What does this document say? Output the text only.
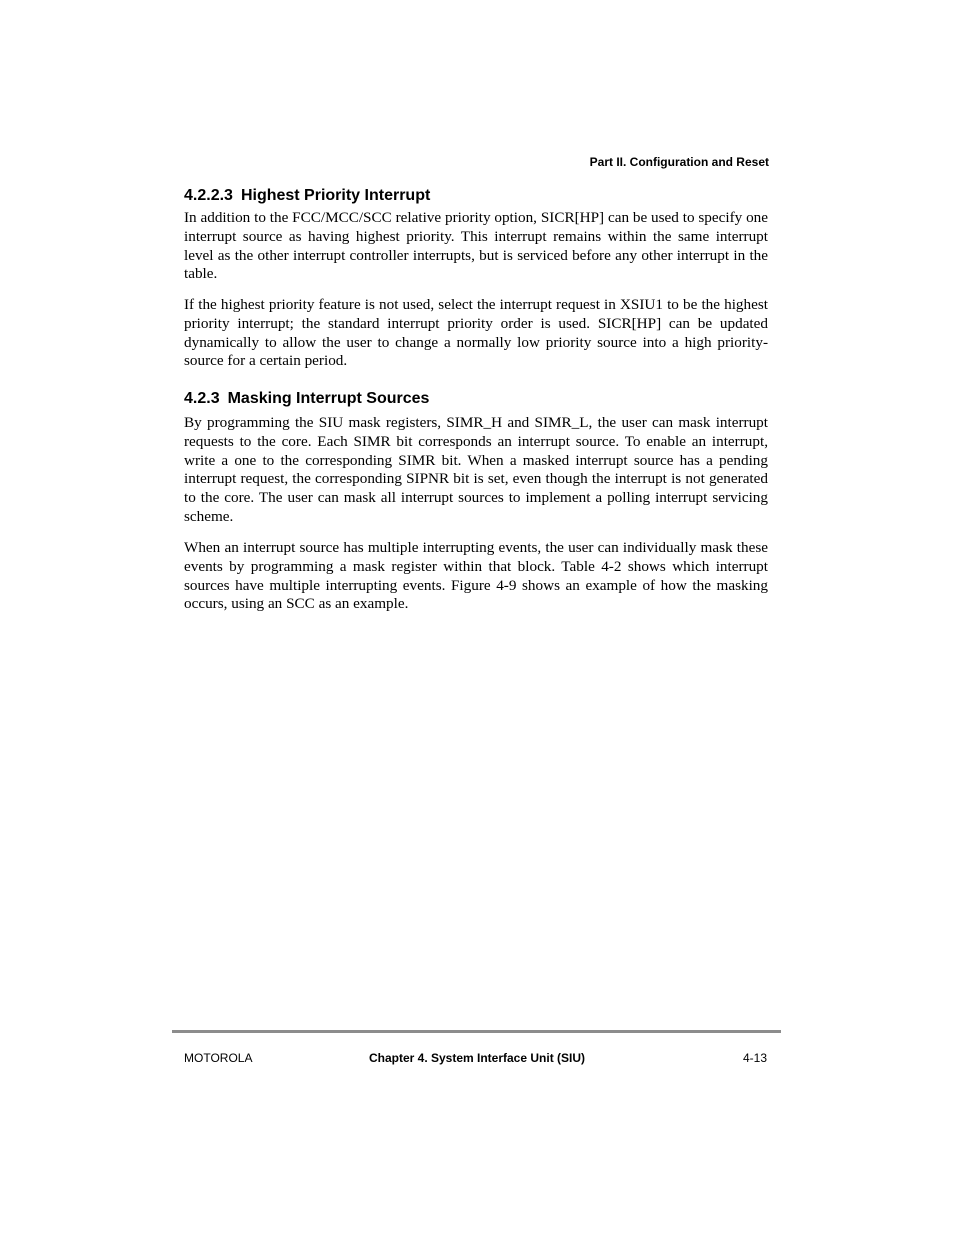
Part II. Configuration and Reset
4.2.2.3 Highest Priority Interrupt

In addition to the FCC/MCC/SCC relative priority option, SICR[HP] can be used to specify one interrupt source as having highest priority. This interrupt remains within the same interrupt level as the other interrupt controller interrupts, but is serviced before any other interrupt in the table.

If the highest priority feature is not used, select the interrupt request in XSIU1 to be the highest priority interrupt; the standard interrupt priority order is used. SICR[HP] can be updated dynamically to allow the user to change a normally low priority source into a high priority-source for a certain period.

4.2.3 Masking Interrupt Sources

By programming the SIU mask registers, SIMR_H and SIMR_L, the user can mask interrupt requests to the core. Each SIMR bit corresponds an interrupt source. To enable an interrupt, write a one to the corresponding SIMR bit. When a masked interrupt source has a pending interrupt request, the corresponding SIPNR bit is set, even though the interrupt is not generated to the core. The user can mask all interrupt sources to implement a polling interrupt servicing scheme.

When an interrupt source has multiple interrupting events, the user can individually mask these events by programming a mask register within that block. Table 4-2 shows which interrupt sources have multiple interrupting events. Figure 4-9 shows an example of how the masking occurs, using an SCC as an example.

MOTOROLA	Chapter 4. System Interface Unit (SIU)	4-13
